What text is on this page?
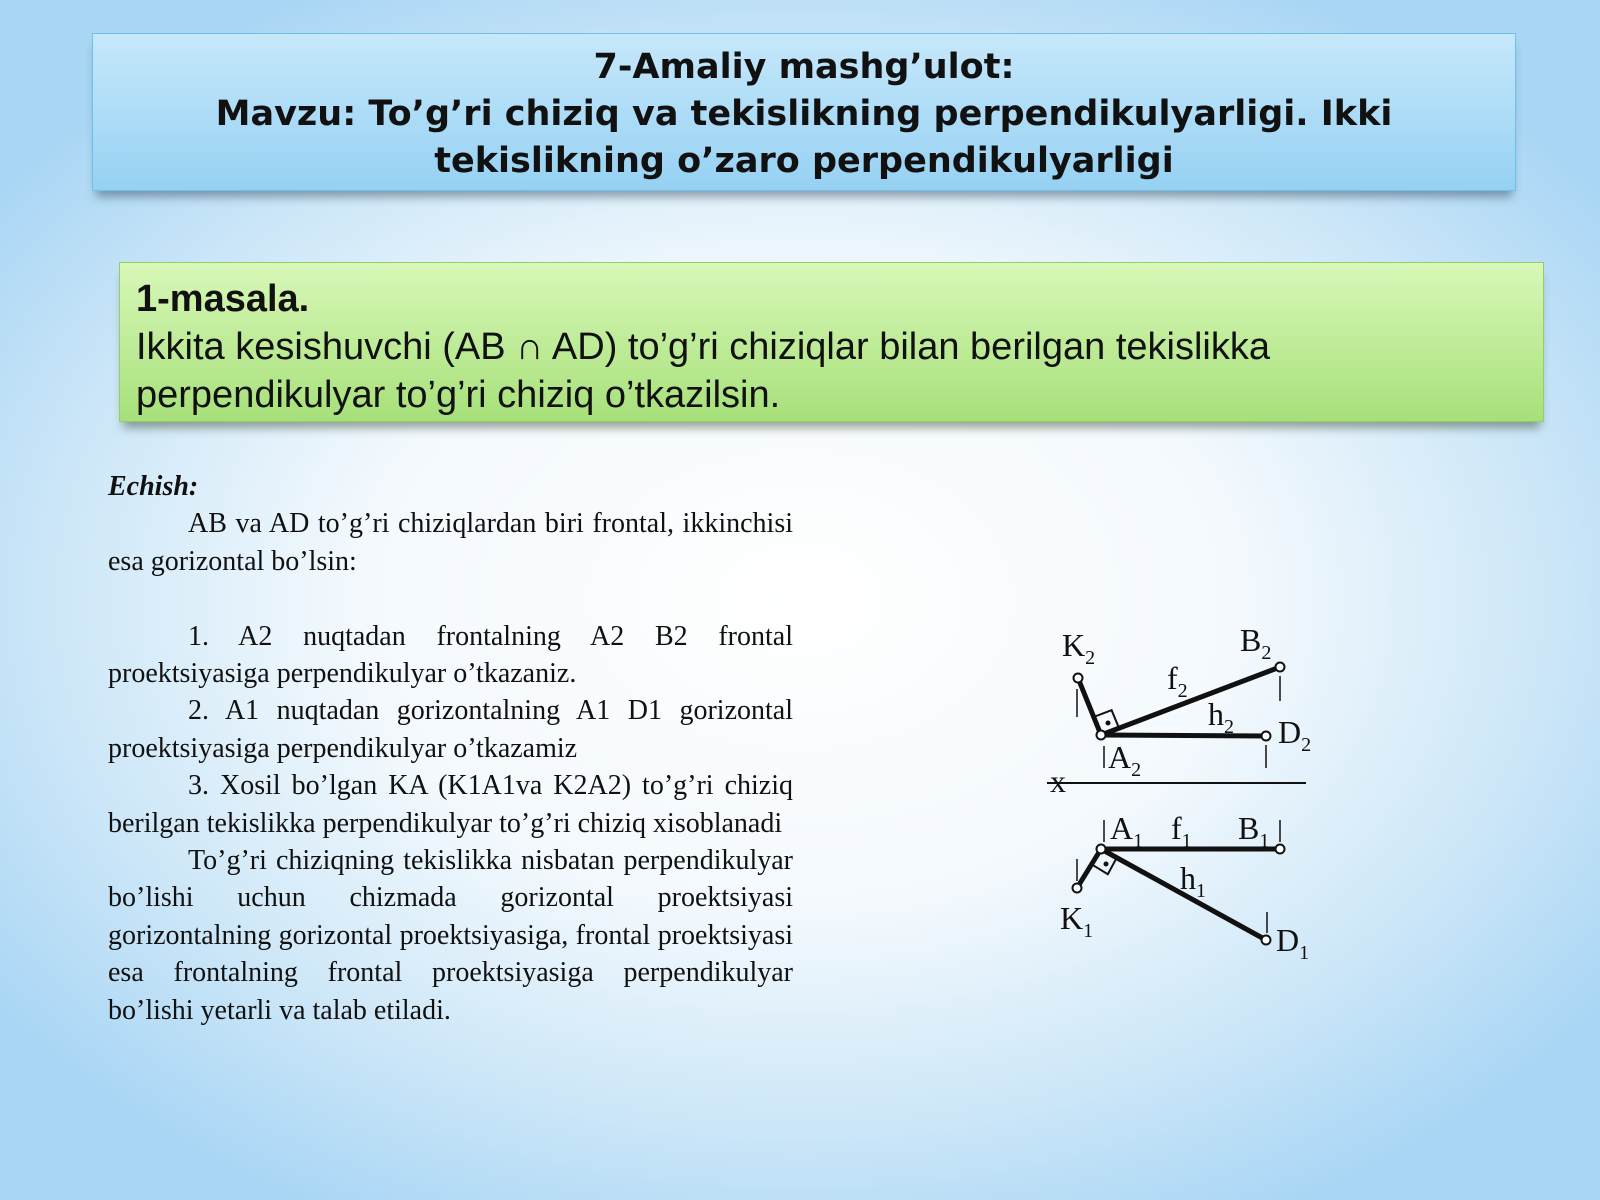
7-Amaliy mashg’ulot:
Mavzu: To’g’ri chiziq va tekislikning perpendikulyarligi. Ikki
tekislikning o’zaro perpendikulyarligi
1-masala.
Ikkita kesishuvchi (AB ∩ AD) to’g’ri chiziqlar bilan berilgan tekislikka perpendikulyar to’g’ri chiziq o’tkazilsin.

Echish:

AB va AD to’g’ri chiziqlardan biri frontal, ikkinchisi esa gorizontal bo’lsin:

1. A2 nuqtadan frontalning A2 B2 frontal proektsiyasiga perpendikulyar o’tkazaniz.

2. A1 nuqtadan gorizontalning A1 D1 gorizontal proektsiyasiga perpendikulyar o’tkazamiz

3. Xosil bo’lgan KA (K1A1va K2A2) to’g’ri chiziq berilgan tekislikka perpendikulyar to’g’ri chiziq xisoblanadi

To’g’ri chiziqning tekislikka nisbatan perpendikulyar bo’lishi uchun chizmada gorizontal proektsiyasi gorizontalning gorizontal proektsiyasiga, frontal proektsiyasi esa frontalning frontal proektsiyasiga perpendikulyar bo’lishi yetarli va talab etiladi.

$K_2$	$B_2$
$f_2$
$h_2$ $D_2$
$A_2$
x
$A_1$ $f_1$ $B_1$
$h_1$
$K_1$	$D_1$
